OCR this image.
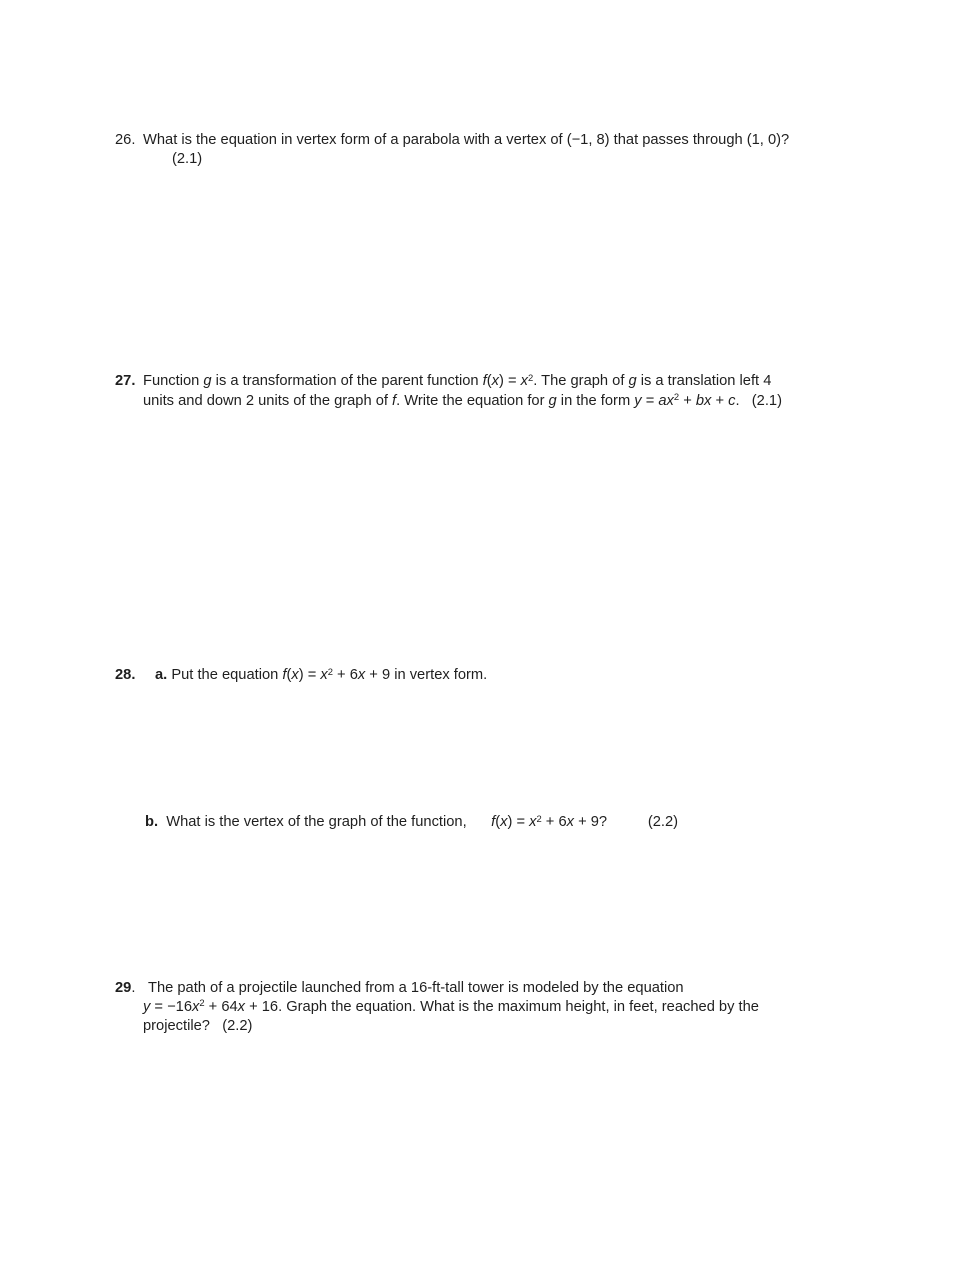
26. What is the equation in vertex form of a parabola with a vertex of (−1, 8) that passes through (1, 0)?
(2.1)
27. Function g is a transformation of the parent function $f(x) = x^2$. The graph of g is a translation left 4
units and down 2 units of the graph of f. Write the equation for g in the form $y = ax^2$ + bx + c.   (2.1)
28. a. Put the equation $f(x) = x^2 + 6x + 9$ in vertex form.
b.  What is the vertex of the graph of the function,      $f(x) = x^2 + 6x + 9$?          (2.2)
29. The path of a projectile launched from a 16-ft-tall tower is modeled by the equation
$y = -16x^2 + 64x + 16$. Graph the equation. What is the maximum height, in feet, reached by the
projectile?   (2.2)
